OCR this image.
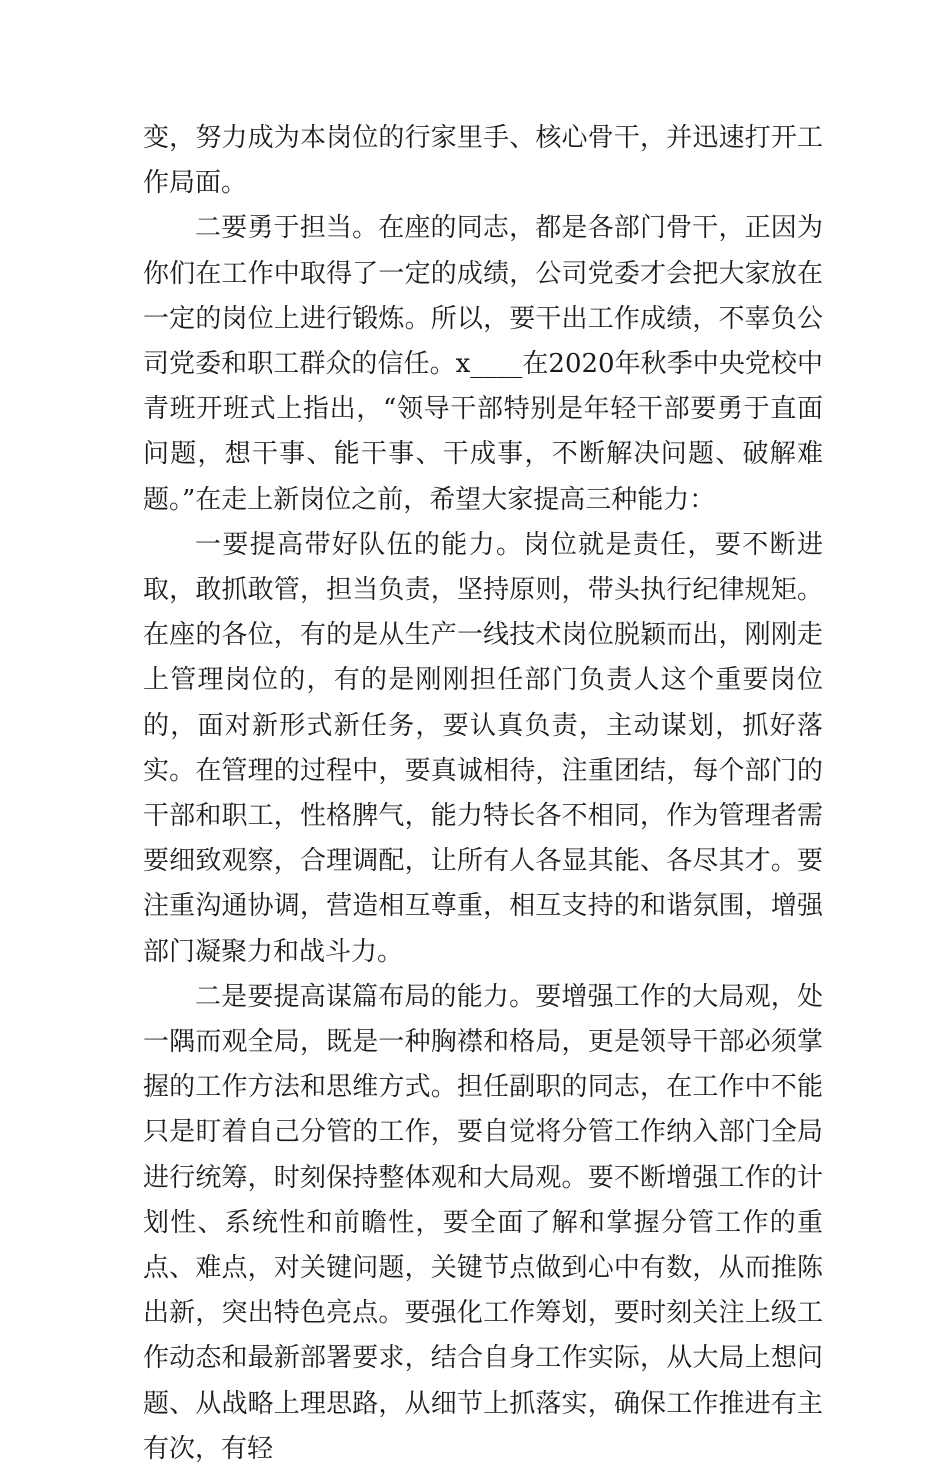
变，努力成为本岗位的行家里手、核心骨干，并迅速打开工作局面。

二要勇于担当。在座的同志，都是各部门骨干，正因为你们在工作中取得了一定的成绩，公司党委才会把大家放在一定的岗位上进行锻炼。所以，要干出工作成绩，不辜负公司党委和职工群众的信任。x____在2020年秋季中央党校中青班开班式上指出，“领导干部特别是年轻干部要勇于直面问题，想干事、能干事、干成事，不断解决问题、破解难题。”在走上新岗位之前，希望大家提高三种能力：

一要提高带好队伍的能力。岗位就是责任，要不断进取，敢抓敢管，担当负责，坚持原则，带头执行纪律规矩。在座的各位，有的是从生产一线技术岗位脱颖而出，刚刚走上管理岗位的，有的是刚刚担任部门负责人这个重要岗位的，面对新形式新任务，要认真负责，主动谋划，抓好落实。在管理的过程中，要真诚相待，注重团结，每个部门的干部和职工，性格脾气，能力特长各不相同，作为管理者需要细致观察，合理调配，让所有人各显其能、各尽其才。要注重沟通协调，营造相互尊重，相互支持的和谐氛围，增强部门凝聚力和战斗力。

二是要提高谋篇布局的能力。要增强工作的大局观，处一隅而观全局，既是一种胸襟和格局，更是领导干部必须掌握的工作方法和思维方式。担任副职的同志，在工作中不能只是盯着自己分管的工作，要自觉将分管工作纳入部门全局进行统筹，时刻保持整体观和大局观。要不断增强工作的计划性、系统性和前瞻性，要全面了解和掌握分管工作的重点、难点，对关键问题，关键节点做到心中有数，从而推陈出新，突出特色亮点。要强化工作筹划，要时刻关注上级工作动态和最新部署要求，结合自身工作实际，从大局上想问题、从战略上理思路，从细节上抓落实，确保工作推进有主有次，有轻
